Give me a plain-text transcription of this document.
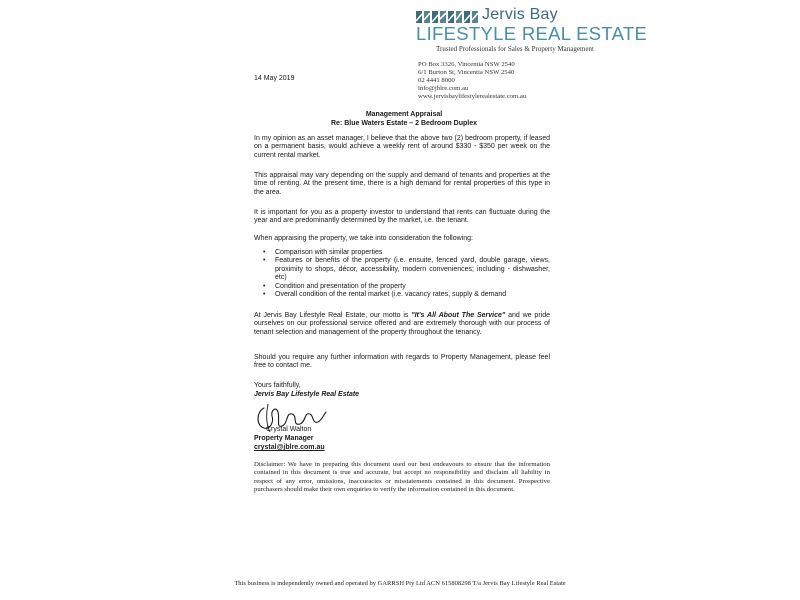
Jervis Bay
LIFESTYLE REAL ESTATE
Trusted Professionals for Sales & Property Management
PO Box 3326, Vincentia NSW 2540
6/1 Burton St, Vincentia NSW 2540
02 4441 8000
info@jblre.com.au
www.jervisbaylifestylerealestate.com.au
14 May 2019
Management Appraisal
Re: Blue Waters Estate – 2 Bedroom Duplex
In my opinion as an asset manager, I believe that the above two (2) bedroom property, if leased on a permanent basis, would achieve a weekly rent of around $330 - $350 per week on the current rental market.
This appraisal may vary depending on the supply and demand of tenants and properties at the time of renting. At the present time, there is a high demand for rental properties of this type in the area.
It is important for you as a property investor to understand that rents can fluctuate during the year and are predominantly determined by the market, i.e. the tenant.
When appraising the property, we take into consideration the following:
• Comparison with similar properties
• Features or benefits of the property (i.e. ensuite, fenced yard, double garage, views, proximity to shops, décor, accessibility, modern conveniences; including - dishwasher, etc)
• Condition and presentation of the property
• Overall condition of the rental market (i.e. vacancy rates, supply & demand
At Jervis Bay Lifestyle Real Estate, our motto is "It's All About The Service" and we pride ourselves on our professional service offered and are extremely thorough with our process of tenant selection and management of the property throughout the tenancy.
Should you require any further information with regards to Property Management, please feel free to contact me.
Yours faithfully,
Jervis Bay Lifestyle Real Estate
Crystal Walton
Property Manager
crystal@jblre.com.au
Disclaimer: We have in preparing this document used our best endeavours to ensure that the information contained in this document is true and accurate, but accept no responsibility and disclaim all liability in respect of any error, omissions, inaccuracies or misstatements contained in this document. Prospective purchasers should make their own enquiries to verify the information contained in this document.
This business is independently owned and operated by GARRSH Pty Ltd ACN 615808298 T/a Jervis Bay Lifestyle Real Estate
